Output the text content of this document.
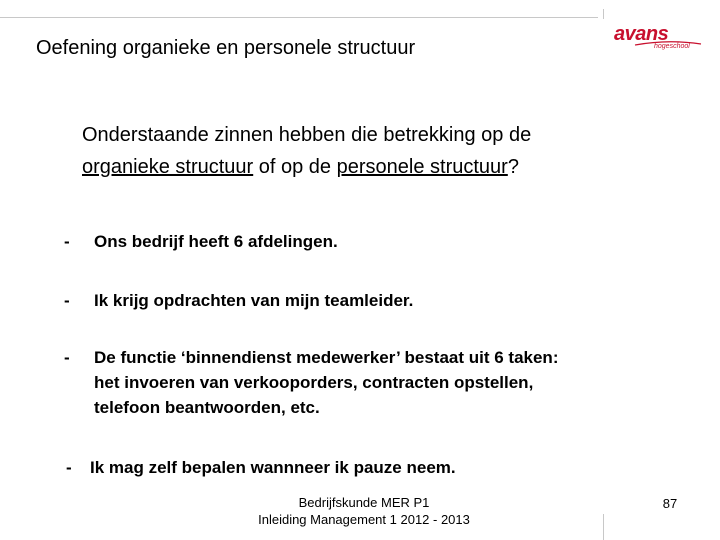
avans
hogeschool
Oefening organieke en personele structuur
Onderstaande zinnen hebben die betrekking op de
organieke structuur of op de personele structuur?
- Ons bedrijf heeft 6 afdelingen.
- Ik krijg opdrachten van mijn teamleider.
- De functie ‘binnendienst medewerker’ bestaat uit 6 taken:
het invoeren van verkooporders, contracten opstellen,
telefoon beantwoorden, etc.
- Ik mag zelf bepalen wannneer ik pauze neem.
Bedrijfskunde MER P1
Inleiding Management 1 2012 - 2013
87
